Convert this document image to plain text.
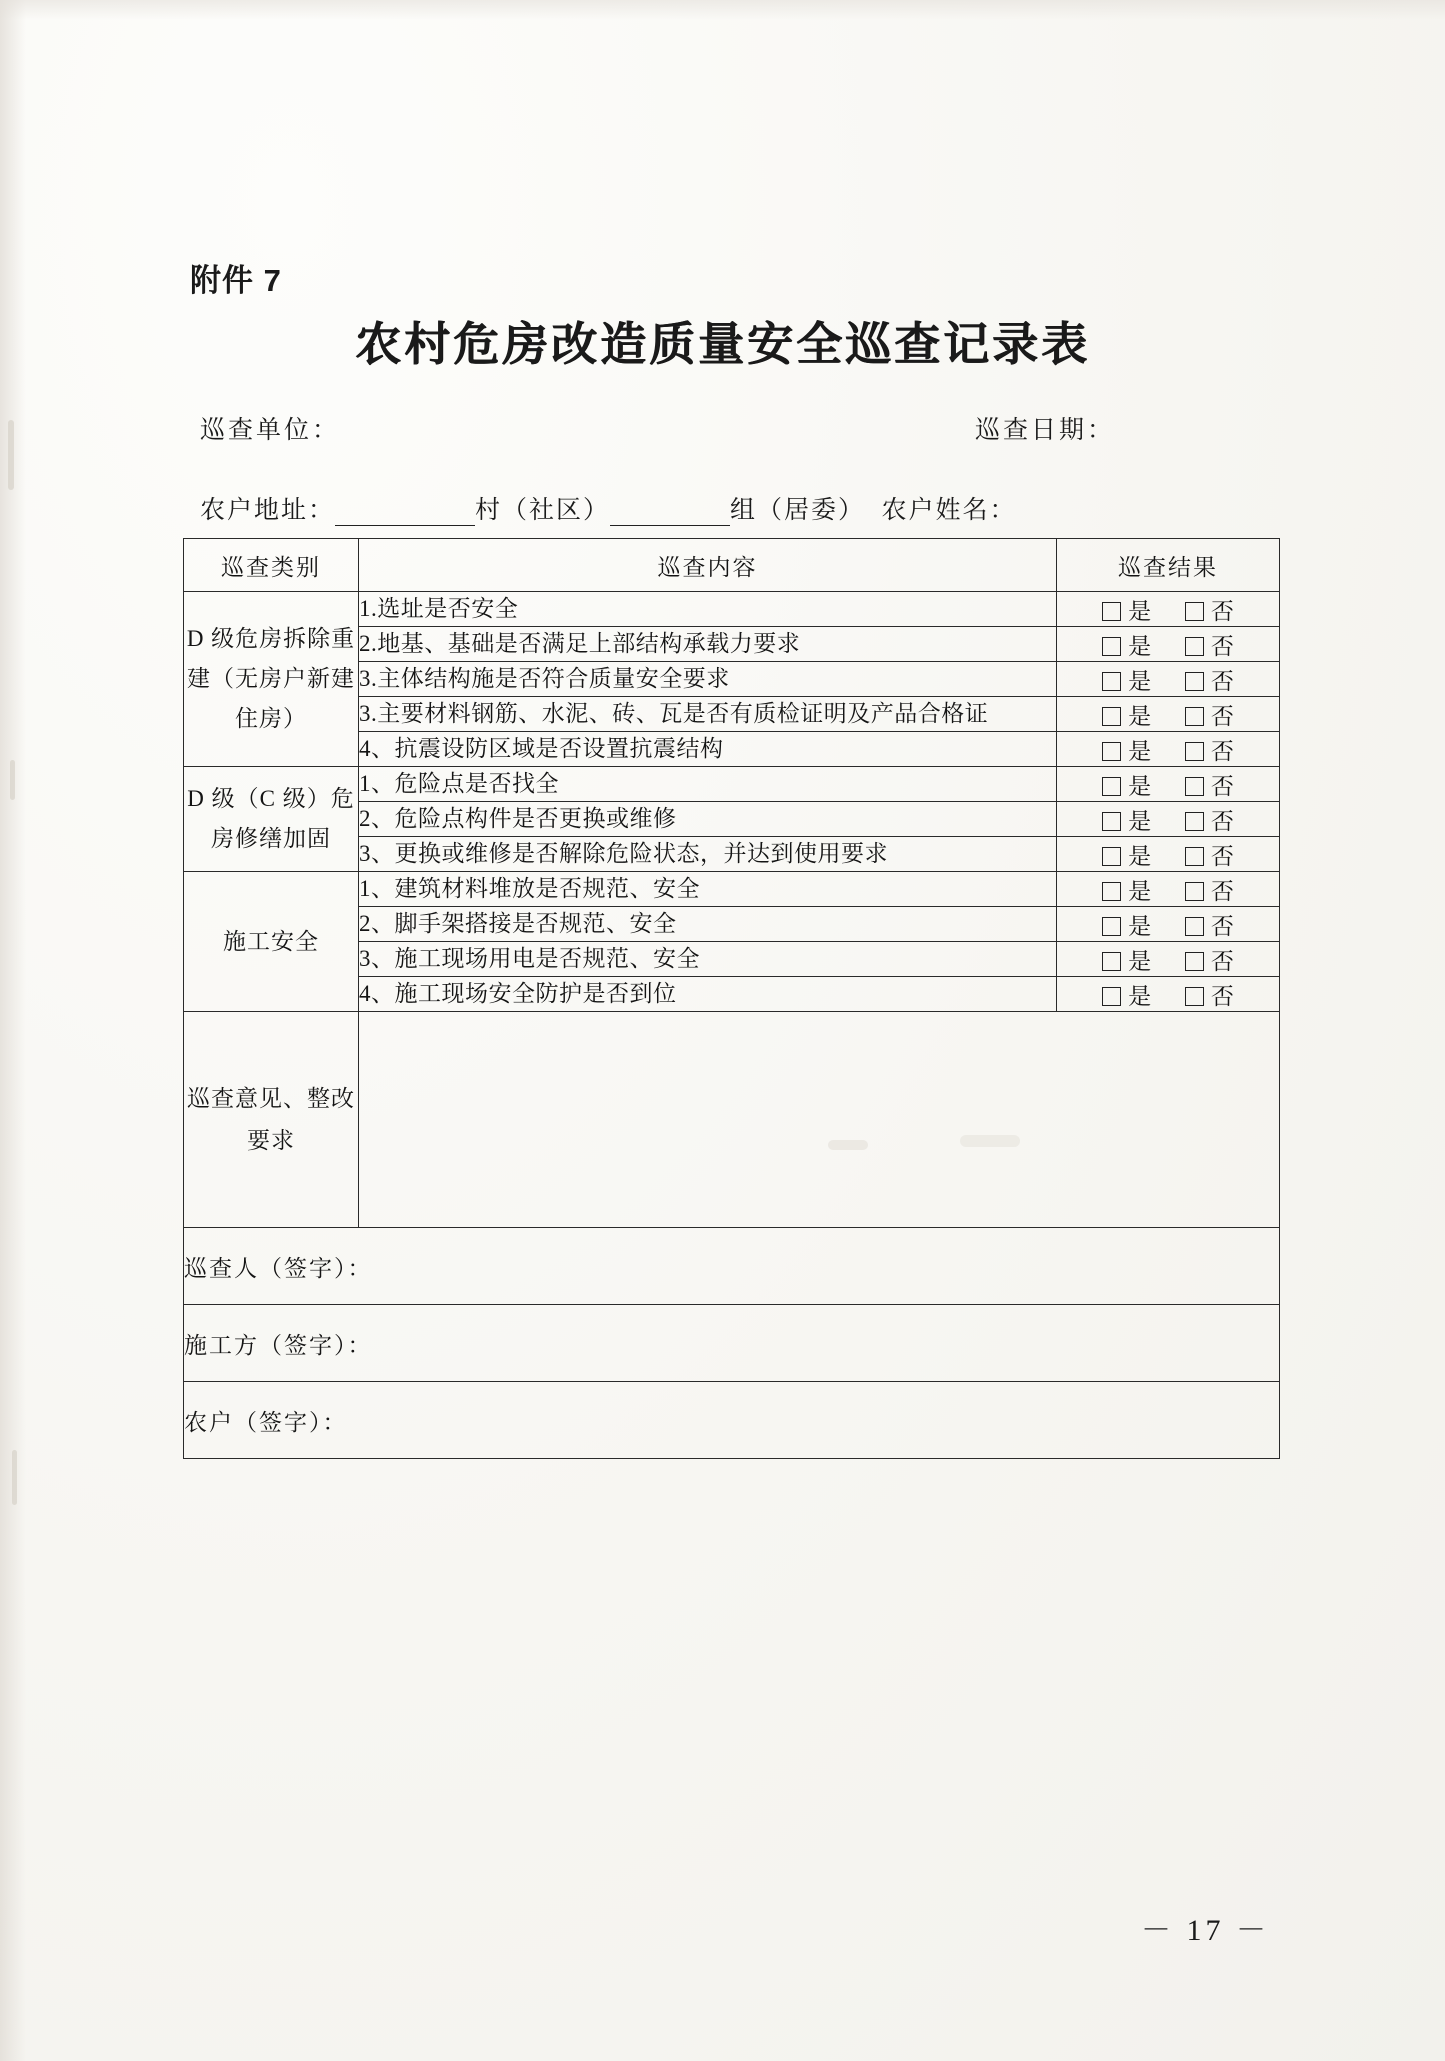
附件 7
农村危房改造质量安全巡查记录表
巡查单位：	巡查日期：
农户地址：	村（社区）	组（居委） 农户姓名：
巡查类别	巡查内容	巡查结果
D 级危房拆除重建（无房户新建住房）	1.选址是否安全	是 否
	2.地基、基础是否满足上部结构承载力要求	是 否
	3.主体结构施是否符合质量安全要求	是 否
	3.主要材料钢筋、水泥、砖、瓦是否有质检证明及产品合格证	是 否
	4、抗震设防区域是否设置抗震结构	是 否
D 级（C 级）危房修缮加固	1、危险点是否找全	是 否
	2、危险点构件是否更换或维修	是 否
	3、更换或维修是否解除危险状态，并达到使用要求	是 否
施工安全	1、建筑材料堆放是否规范、安全	是 否
	2、脚手架搭接是否规范、安全	是 否
	3、施工现场用电是否规范、安全	是 否
	4、施工现场安全防护是否到位	是 否
巡查意见、整改要求		
巡查人（签字）：		
施工方（签字）：		
农户（签字）：		
－ 17 －
